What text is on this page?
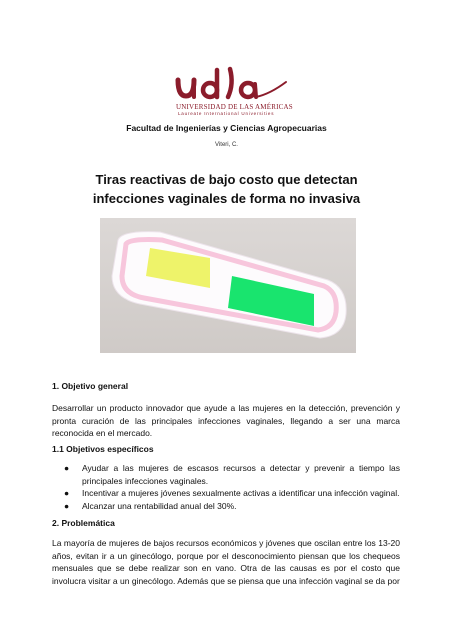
UNIVERSIDAD DE LAS AMÉRICAS
Laureate International Universities
Facultad de Ingenierías y Ciencias Agropecuarias
Viteri, C.
Tiras reactivas de bajo costo que detectan infecciones vaginales de forma no invasiva
1. Objetivo general
Desarrollar un producto innovador que ayude a las mujeres en la detección, prevención y pronta curación de las principales infecciones vaginales, llegando a ser una marca reconocida en el mercado.
1.1 Objetivos específicos
● Ayudar a las mujeres de escasos recursos a detectar y prevenir a tiempo las principales infecciones vaginales.
● Incentivar a mujeres jóvenes sexualmente activas a identificar una infección vaginal.
● Alcanzar una rentabilidad anual del 30%.
2. Problemática
La mayoría de mujeres de bajos recursos económicos y jóvenes que oscilan entre los 13-20 años, evitan ir a un ginecólogo, porque por el desconocimiento piensan que los chequeos mensuales que se debe realizar son en vano. Otra de las causas es por el costo que involucra visitar a un ginecólogo. Además que se piensa que una infección vaginal se da por
